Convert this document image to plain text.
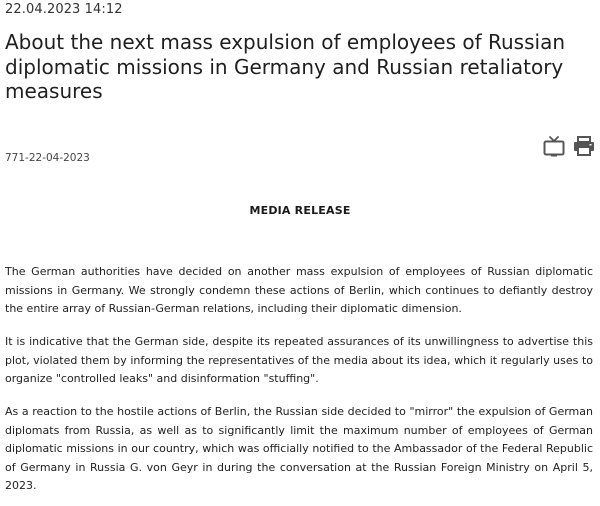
22.04.2023 14:12
About the next mass expulsion of employees of Russian diplomatic missions in Germany and Russian retaliatory measures
771-22-04-2023
MEDIA RELEASE

The German authorities have decided on another mass expulsion of employees of Russian diplomatic missions in Germany. We strongly condemn these actions of Berlin, which continues to defiantly destroy the entire array of Russian-German relations, including their diplomatic dimension.

It is indicative that the German side, despite its repeated assurances of its unwillingness to advertise this plot, violated them by informing the representatives of the media about its idea, which it regularly uses to organize "controlled leaks" and disinformation "stuffing".

As a reaction to the hostile actions of Berlin, the Russian side decided to "mirror" the expulsion of German diplomats from Russia, as well as to significantly limit the maximum number of employees of German diplomatic missions in our country, which was officially notified to the Ambassador of the Federal Republic of Germany in Russia G. von Geyr in during the conversation at the Russian Foreign Ministry on April 5, 2023.
